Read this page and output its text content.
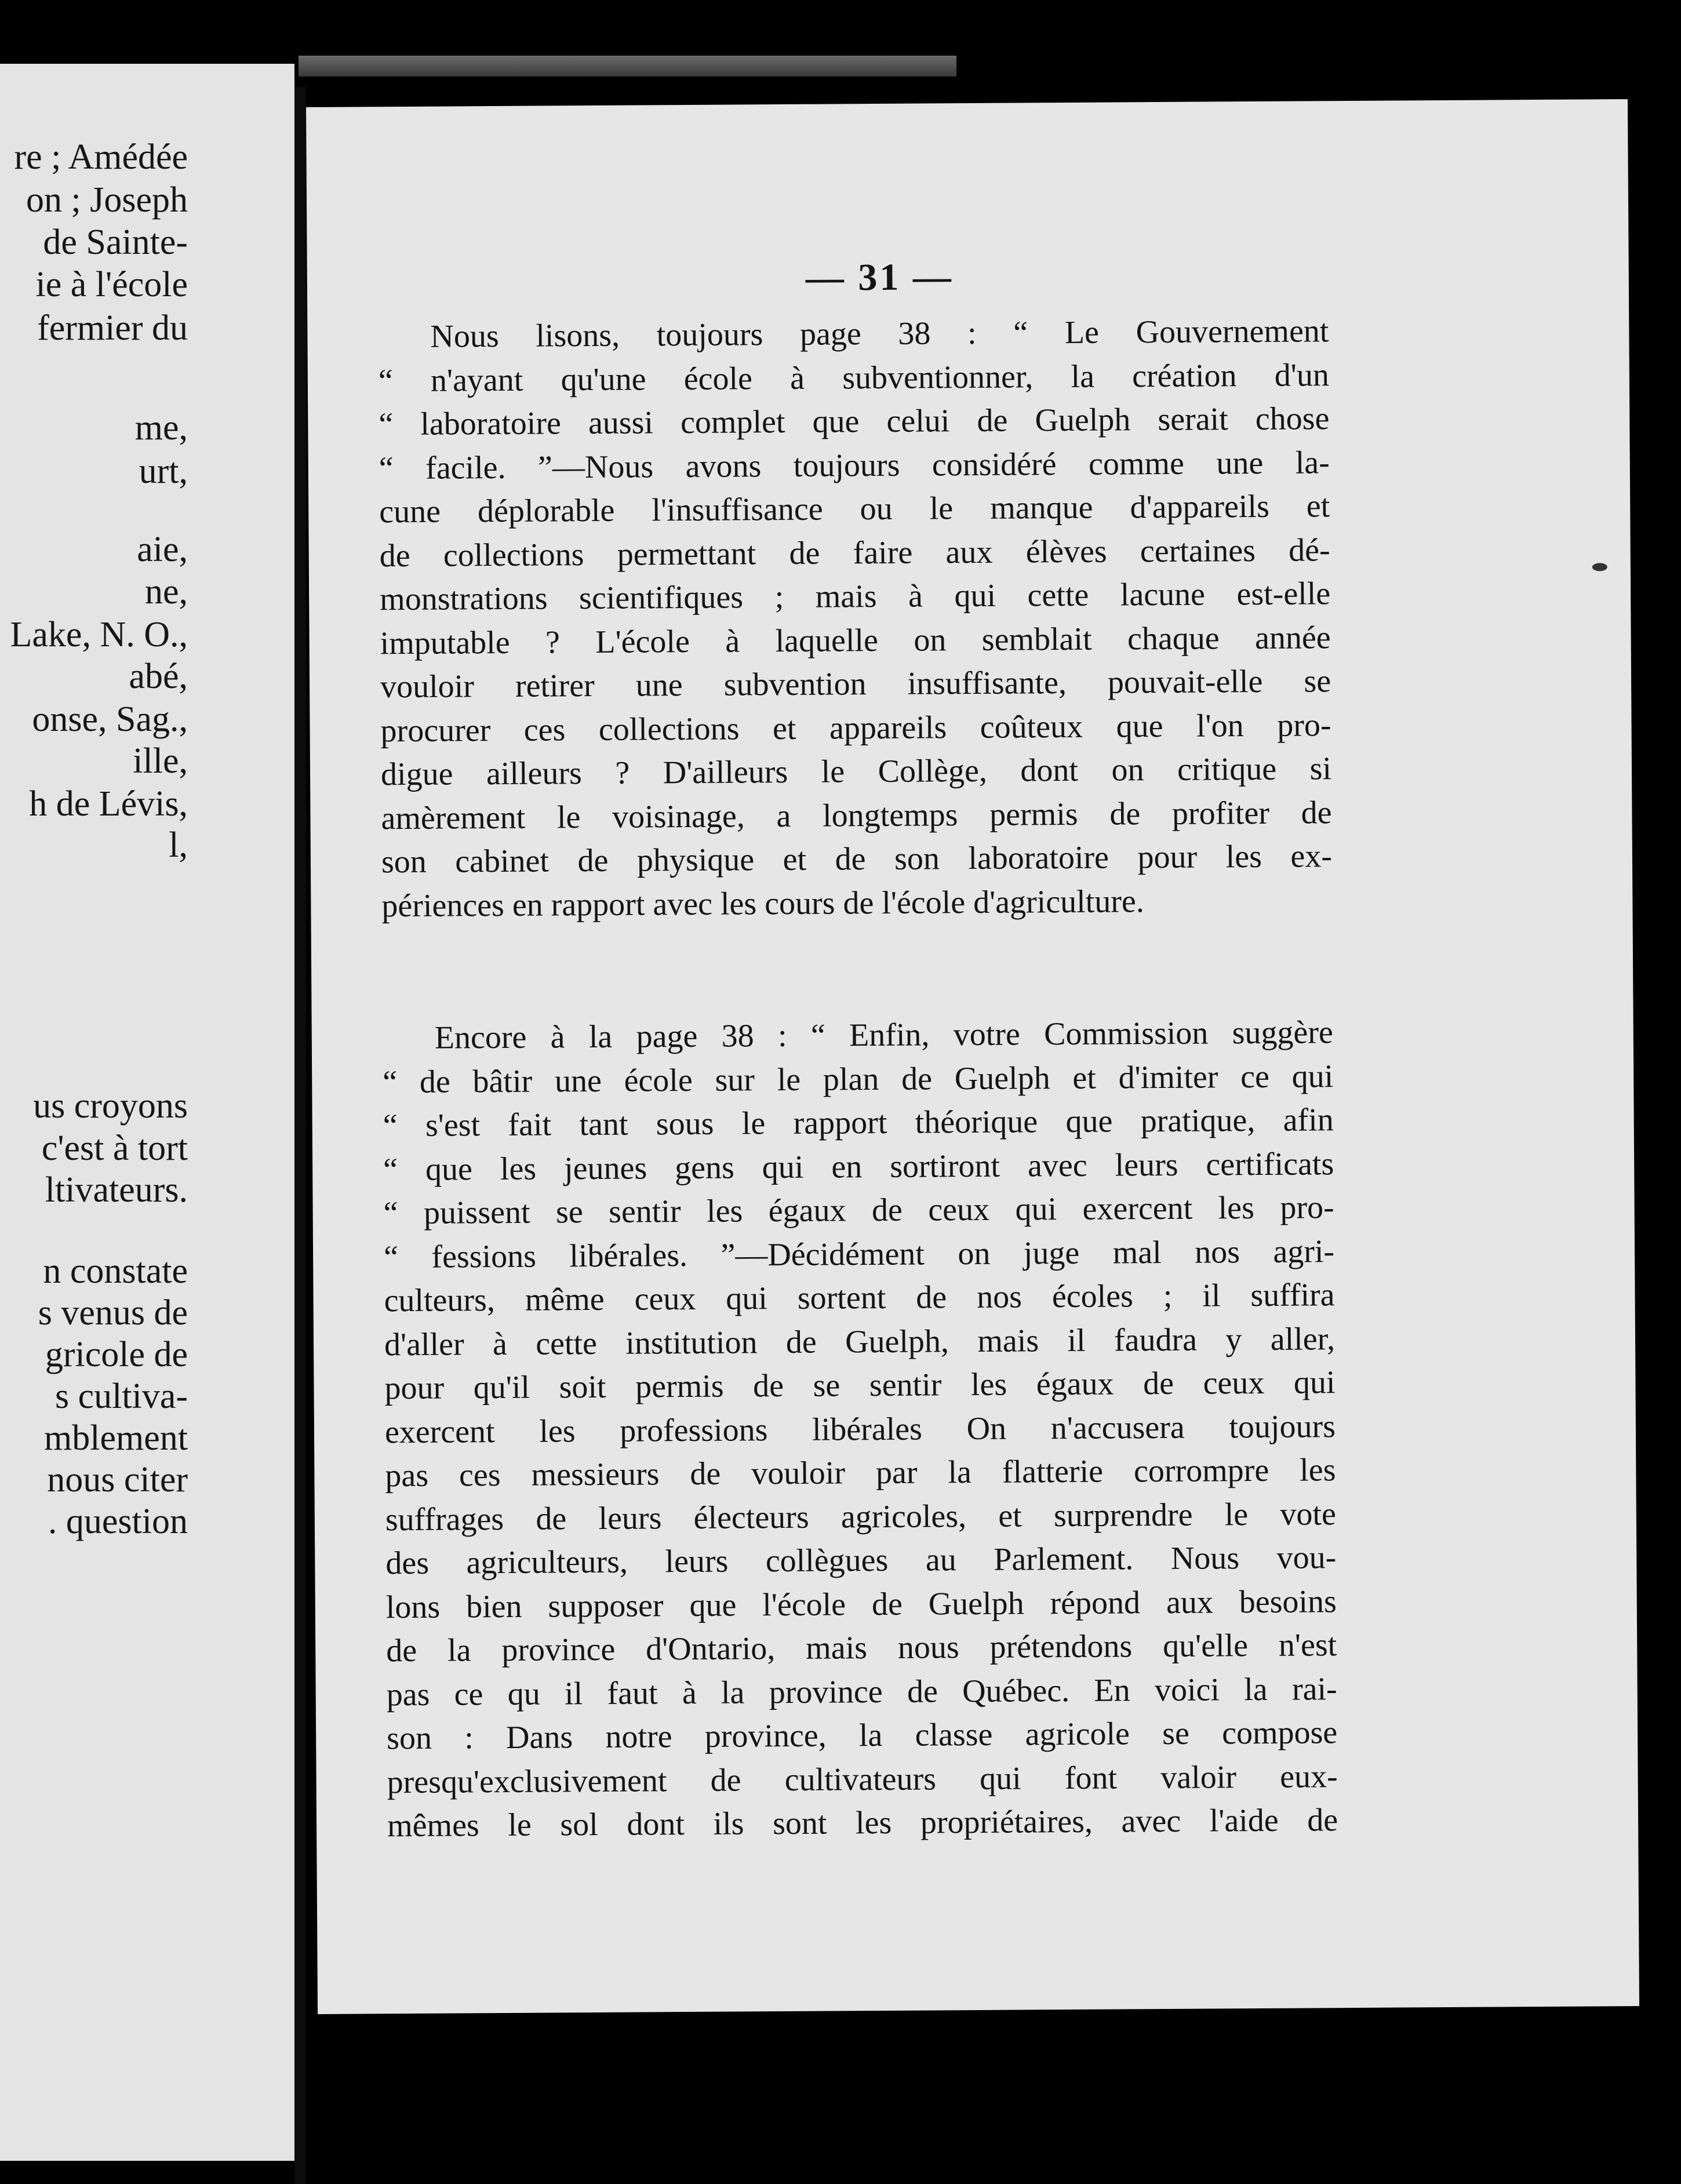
re ; Amédée
on ; Joseph
de Sainte-
ie à l'école
fermier du
me,
urt,
aie,
ne,
Lake, N. O.,
abé,
onse, Sag.,
ille,
h de Lévis,
l,
us croyons
c'est à tort
ltivateurs.
n constate
s venus de
gricole de
s cultiva-
mblement
nous citer
. question
— 31 —
Nous lisons, toujours page 38 : “ Le Gouvernement
“ n'ayant qu'une école à subventionner, la création d'un
“ laboratoire aussi complet que celui de Guelph serait chose
“ facile. ”—Nous avons toujours considéré comme une la-
cune déplorable l'insuffisance ou le manque d'appareils et
de collections permettant de faire aux élèves certaines dé-
monstrations scientifiques ; mais à qui cette lacune est-elle
imputable ? L'école à laquelle on semblait chaque année
vouloir retirer une subvention insuffisante, pouvait-elle se
procurer ces collections et appareils coûteux que l'on pro-
digue ailleurs ? D'ailleurs le Collège, dont on critique si
amèrement le voisinage, a longtemps permis de profiter de
son cabinet de physique et de son laboratoire pour les ex-
périences en rapport avec les cours de l'école d'agriculture.
Encore à la page 38 : “ Enfin, votre Commission suggère
“ de bâtir une école sur le plan de Guelph et d'imiter ce qui
“ s'est fait tant sous le rapport théorique que pratique, afin
“ que les jeunes gens qui en sortiront avec leurs certificats
“ puissent se sentir les égaux de ceux qui exercent les pro-
“ fessions libérales. ”—Décidément on juge mal nos agri-
culteurs, même ceux qui sortent de nos écoles ; il suffira
d'aller à cette institution de Guelph, mais il faudra y aller,
pour qu'il soit permis de se sentir les égaux de ceux qui
exercent les professions libérales On n'accusera toujours
pas ces messieurs de vouloir par la flatterie corrompre les
suffrages de leurs électeurs agricoles, et surprendre le vote
des agriculteurs, leurs collègues au Parlement. Nous vou-
lons bien supposer que l'école de Guelph répond aux besoins
de la province d'Ontario, mais nous prétendons qu'elle n'est
pas ce qu il faut à la province de Québec. En voici la rai-
son : Dans notre province, la classe agricole se compose
presqu'exclusivement de cultivateurs qui font valoir eux-
mêmes le sol dont ils sont les propriétaires, avec l'aide de
